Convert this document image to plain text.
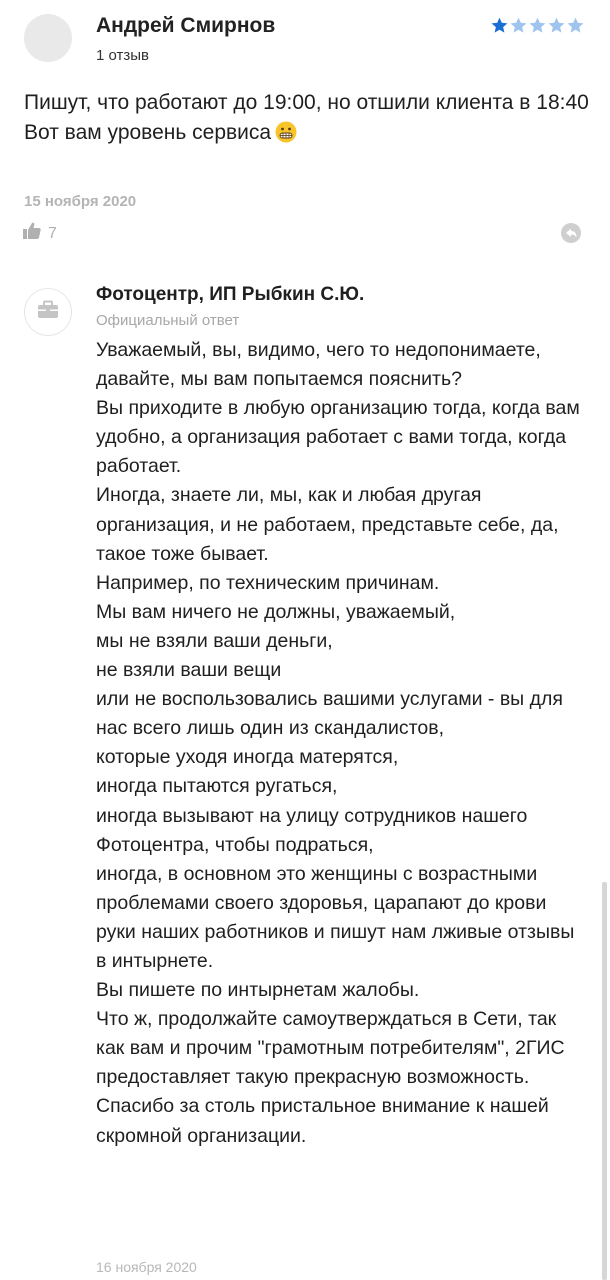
Андрей Смирнов
1 отзыв

Пишут, что работают до 19:00, но отшили клиента в 18:40

Вот вам уровень сервиса

15 ноября 2020
7
Фотоцентр, ИП Рыбкин С.Ю.
Официальный ответ

Уважаемый, вы, видимо, чего то недопонимаете, давайте, мы вам попытаемся пояснить?

Вы приходите в любую организацию тогда, когда вам удобно, а организация работает с вами тогда, когда работает.

Иногда, знаете ли, мы, как и любая другая организация, и не работаем, представьте себе, да, такое тоже бывает.

Например, по техническим причинам.

Мы вам ничего не должны, уважаемый,

мы не взяли ваши деньги,

не взяли ваши вещи

или не воспользовались вашими услугами - вы для нас всего лишь один из скандалистов,

которые уходя иногда матерятся,

иногда пытаются ругаться,

иногда вызывают на улицу сотрудников нашего Фотоцентра, чтобы подраться,

иногда, в основном это женщины с возрастными проблемами своего здоровья, царапают до крови руки наших работников и пишут нам лживые отзывы в интырнете.

Вы пишете по интырнетам жалобы.

Что ж, продолжайте самоутверждаться в Сети, так как вам и прочим "грамотным потребителям", 2ГИС предоставляет такую прекрасную возможность.

Спасибо за столь пристальное внимание к нашей скромной организации.

16 ноября 2020
